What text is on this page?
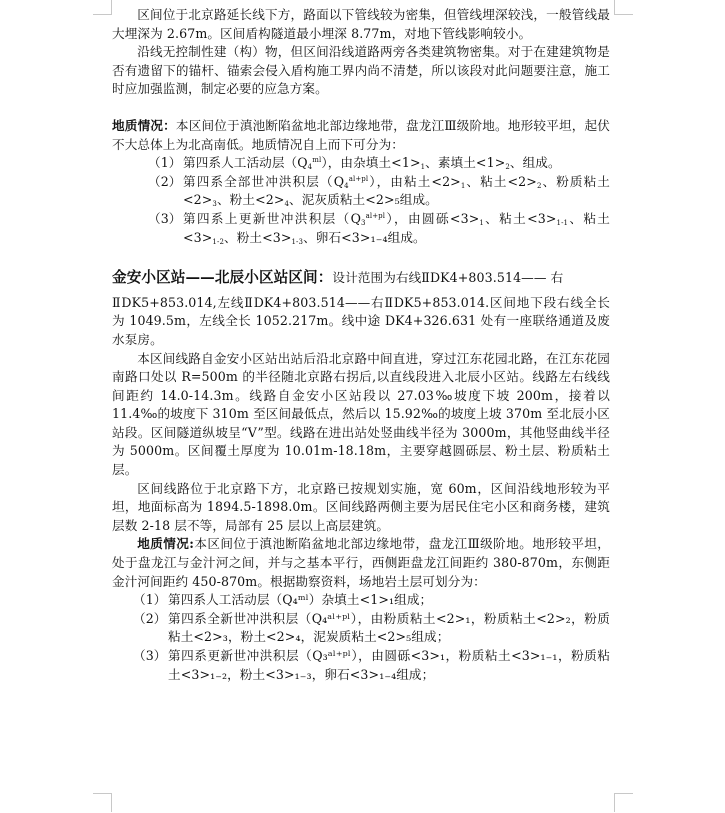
区间位于北京路延长线下方，路面以下管线较为密集，但管线埋深较浅，一般管线最大埋深为 2.67m。区间盾构隧道最小埋深 8.77m，对地下管线影响较小。

沿线无控制性建（构）物，但区间沿线道路两旁各类建筑物密集。对于在建建筑物是否有遗留下的锚杆、锚索会侵入盾构施工界内尚不清楚，所以该段对此问题要注意，施工时应加强监测，制定必要的应急方案。

地质情况：本区间位于滇池断陷盆地北部边缘地带，盘龙江Ⅲ级阶地。地形较平坦，起伏不大总体上为北高南低。地质情况自上而下可分为：

（1） 第四系人工活动层$(Q_4^{ml})$，由杂填土$<1>_1$、素填土$<1>_2$、组成。
（2） 第四系全部世冲洪积层$(Q_4^{al+pl})$，由粘土$<2>_1$、粘土$<2>_2$、粉质粘土$<2>_3$、粉土$<2>_4$、泥灰质粘土<2>₅组成。
（3） 第四系上更新世冲洪积层$(Q_3^{al+pl})$，由圆砾$<3>_1$、粘土$<3>_{1-1}$、粘土$<3>_{1-2}$、粉土$<3>_{1-3}$、卵石<3>₁₋₄组成。

金安小区站——北辰小区站区间：设计范围为右线ⅡDK4+803.514—— 右

ⅡDK5+853.014,左线ⅡDK4+803.514——右ⅡDK5+853.014.区间地下段右线全长为 1049.5m，左线全长 1052.217m。线中途 DK4+326.631 处有一座联络通道及废水泵房。

本区间线路自金安小区站出站后沿北京路中间直进，穿过江东花园北路，在江东花园南路口处以 R=500m 的半径随北京路右拐后,以直线段进入北辰小区站。线路左右线线间距约 14.0-14.3m。线路自金安小区站段以 27.03‰坡度下坡 200m，接着以 11.4‰的坡度下 310m 至区间最低点，然后以 15.92‰的坡度上坡 370m 至北辰小区站段。区间隧道纵坡呈“V”型。线路在进出站处竖曲线半径为 3000m，其他竖曲线半径为 5000m。区间覆土厚度为 10.01m-18.18m，主要穿越圆砾层、粉土层、粉质粘土层。

区间线路位于北京路下方，北京路已按规划实施，宽 60m，区间沿线地形较为平坦，地面标高为 1894.5-1898.0m。区间线路两侧主要为居民住宅小区和商务楼，建筑层数 2-18 层不等，局部有 25 层以上高层建筑。

地质情况:本区间位于滇池断陷盆地北部边缘地带，盘龙江Ⅲ级阶地。地形较平坦，处于盘龙江与金汁河之间，并与之基本平行，西侧距盘龙江间距约 380-870m，东侧距金汁河间距约 450-870m。根据勘察资料，场地岩土层可划分为：

（1） 第四系人工活动层（Q₄ᵐˡ）杂填土<1>₁组成；
（2） 第四系全新世冲洪积层（Q₄ᵃˡ⁺ᵖˡ），由粉质粘土<2>₁，粉质粘土<2>₂，粉质粘土<2>₃，粉土<2>₄，泥炭质粘土<2>₅组成；
（3） 第四系更新世冲洪积层（Q₃ᵃˡ⁺ᵖˡ），由圆砾<3>₁，粉质粘土<3>₁₋₁，粉质粘土<3>₁₋₂，粉土<3>₁₋₃，卵石<3>₁₋₄组成；
